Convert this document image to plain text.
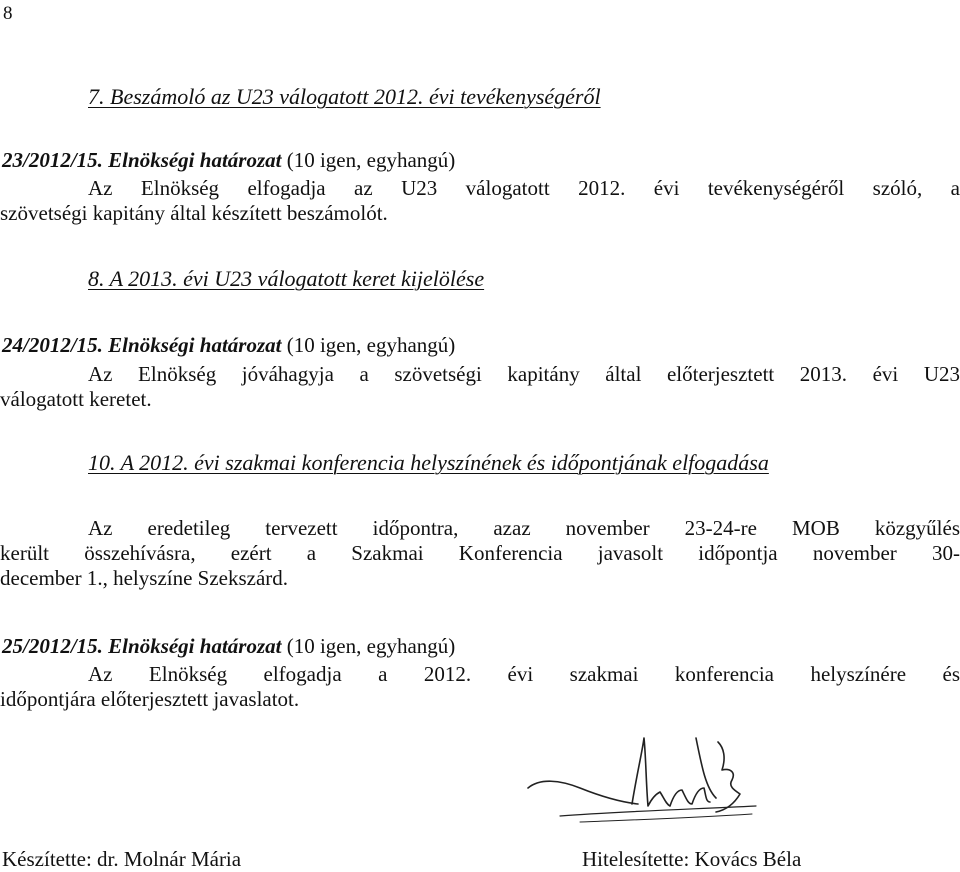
8
7. Beszámoló az U23 válogatott 2012. évi tevékenységéről
23/2012/15. Elnökségi határozat (10 igen, egyhangú)
Az Elnökség elfogadja az U23 válogatott 2012. évi tevékenységéről szóló, a
szövetségi kapitány által készített beszámolót.
8. A 2013. évi U23 válogatott keret kijelölése
24/2012/15. Elnökségi határozat (10 igen, egyhangú)
Az Elnökség jóváhagyja a szövetségi kapitány által előterjesztett 2013. évi U23
válogatott keretet.
10. A 2012. évi szakmai konferencia helyszínének és időpontjának elfogadása
Az eredetileg tervezett időpontra, azaz november 23-24-re MOB közgyűlés
került összehívásra, ezért a Szakmai Konferencia javasolt időpontja november 30-
december 1., helyszíne Szekszárd.
25/2012/15. Elnökségi határozat (10 igen, egyhangú)
Az Elnökség elfogadja a 2012. évi szakmai konferencia helyszínére és
időpontjára előterjesztett javaslatot.
Készítette: dr. Molnár Mária	Hitelesítette: Kovács Béla
